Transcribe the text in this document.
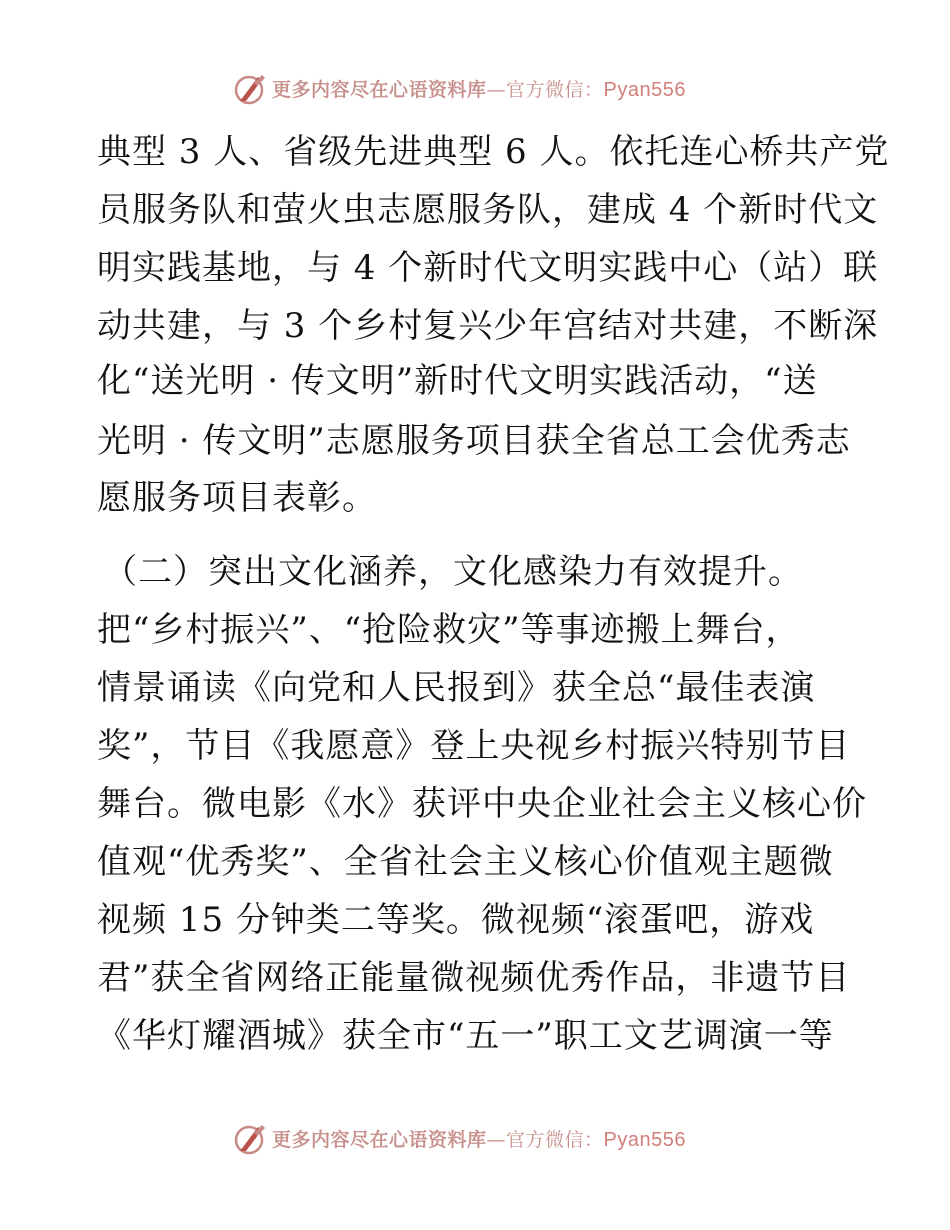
更多内容尽在心语资料库—官方微信：Pyan556
典型 3 人、省级先进典型 6 人。依托连心桥共产党
员服务队和萤火虫志愿服务队，建成 4 个新时代文
明实践基地，与 4 个新时代文明实践中心（站）联
动共建，与 3 个乡村复兴少年宫结对共建，不断深
化“送光明 · 传文明”新时代文明实践活动，“送
光明 · 传文明”志愿服务项目获全省总工会优秀志
愿服务项目表彰。
（二）突出文化涵养，文化感染力有效提升。
把“乡村振兴”、“抢险救灾”等事迹搬上舞台，
情景诵读《向党和人民报到》获全总“最佳表演
奖”，节目《我愿意》登上央视乡村振兴特别节目
舞台。微电影《水》获评中央企业社会主义核心价
值观“优秀奖”、全省社会主义核心价值观主题微
视频 15 分钟类二等奖。微视频“滚蛋吧，游戏
君”获全省网络正能量微视频优秀作品，非遗节目
《华灯耀酒城》获全市“五一”职工文艺调演一等
更多内容尽在心语资料库—官方微信：Pyan556
